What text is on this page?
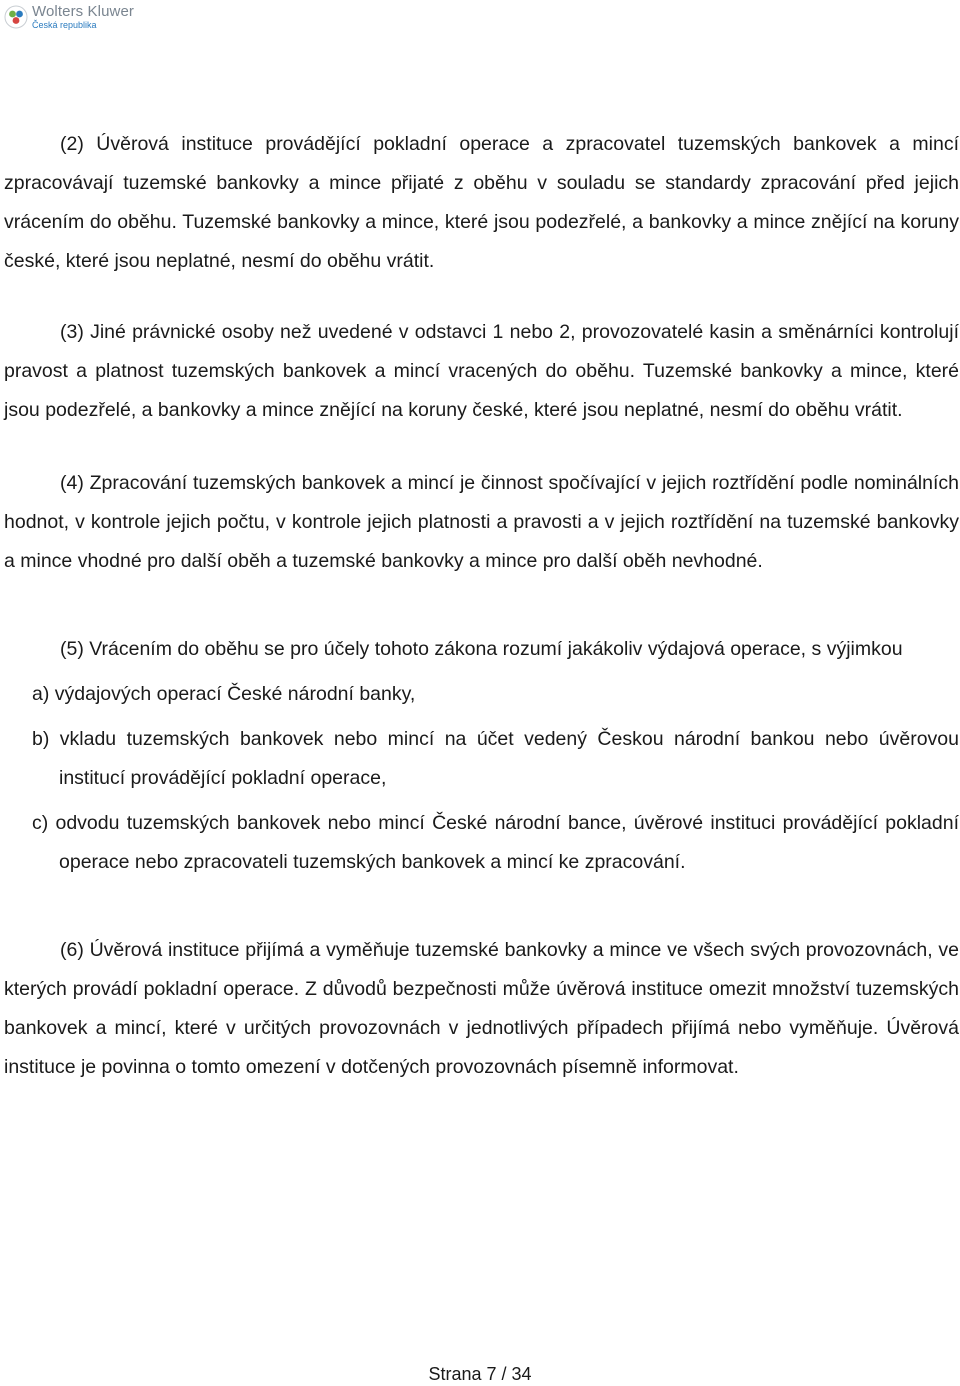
Wolters Kluwer
Česká republika

(2) Úvěrová instituce provádějící pokladní operace a zpracovatel tuzemských bankovek a mincí zpracovávají tuzemské bankovky a mince přijaté z oběhu v souladu se standardy zpracování před jejich vrácením do oběhu. Tuzemské bankovky a mince, které jsou podezřelé, a bankovky a mince znějící na koruny české, které jsou neplatné, nesmí do oběhu vrátit.

(3) Jiné právnické osoby než uvedené v odstavci 1 nebo 2, provozovatelé kasin a směnárníci kontrolují pravost a platnost tuzemských bankovek a mincí vracených do oběhu. Tuzemské bankovky a mince, které jsou podezřelé, a bankovky a mince znějící na koruny české, které jsou neplatné, nesmí do oběhu vrátit.

(4) Zpracování tuzemských bankovek a mincí je činnost spočívající v jejich roztřídění podle nominálních hodnot, v kontrole jejich počtu, v kontrole jejich platnosti a pravosti a v jejich roztřídění na tuzemské bankovky a mince vhodné pro další oběh a tuzemské bankovky a mince pro další oběh nevhodné.

(5) Vrácením do oběhu se pro účely tohoto zákona rozumí jakákoliv výdajová operace, s výjimkou

a) výdajových operací České národní banky,

b) vkladu tuzemských bankovek nebo mincí na účet vedený Českou národní bankou nebo úvěrovou institucí provádějící pokladní operace,

c) odvodu tuzemských bankovek nebo mincí České národní bance, úvěrové instituci provádějící pokladní operace nebo zpracovateli tuzemských bankovek a mincí ke zpracování.

(6) Úvěrová instituce přijímá a vyměňuje tuzemské bankovky a mince ve všech svých provozovnách, ve kterých provádí pokladní operace. Z důvodů bezpečnosti může úvěrová instituce omezit množství tuzemských bankovek a mincí, které v určitých provozovnách v jednotlivých případech přijímá nebo vyměňuje. Úvěrová instituce je povinna o tomto omezení v dotčených provozovnách písemně informovat.

Strana 7 / 34
